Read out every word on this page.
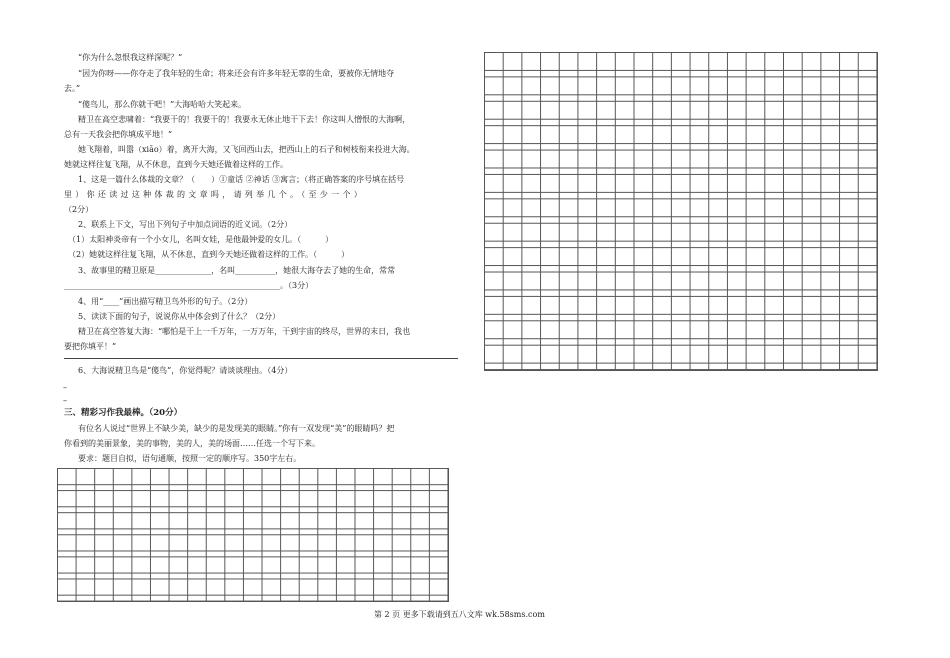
“你为什么忽恨我这样深呢？”
“因为你呀——你夺走了我年轻的生命；将来还会有许多年轻无辜的生命，要被你无情地夺
去。”
“傻鸟儿，那么你就干吧！”大海哈哈大笑起来。
精卫在高空悲啸着：“我要干的！我要干的！我要永无休止地干下去！你这叫人憎恨的大海啊，
总有一天我会把你填成平地！”
她飞翔着，叫嚣（xiāo）着，离开大海，又飞回西山去，把西山上的石子和树枝衔来投进大海。
她就这样往复飞翔，从不休息，直到今天她还做着这样的工作。
1、这是一篇什么体裁的文章？（　　）①童话 ②神话 ③寓言；（将正确答案的序号填在括号
里）你还读过这种体裁的文章吗，请列举几个。（至少一个）
（2分）
2、联系上下文，写出下列句子中加点词语的近义词。（2分）
（1）太阳神炎帝有一个小女儿，名叫女娃，是他最钟爱的女儿。（　　　）
（2）她就这样往复飞翔，从不休息，直到今天她还做着这样的工作。（　　　）
3、故事里的精卫原是______________，名叫__________，她很大海夺去了她的生命，常常
______________________________________________________。（3分）
4、用“____”画出描写精卫鸟外形的句子。（2分）
5、读读下面的句子，说说你从中体会到了什么？（2分）
精卫在高空答复大海：“哪怕是干上一千万年，一万万年，干到宇宙的终尽，世界的末日，我也
要把你填平！”
6、大海说精卫鸟是“傻鸟”，你觉得呢？请谈谈理由。（4分）
–
–
三、精彩习作我最棒。（20分）
有位名人说过“世界上不缺少美，缺少的是发现美的眼睛。”你有一双发现“美”的眼睛吗？把
你看到的美丽景象，美的事物，美的人，美的场面……任选一个写下来。
要求：题目自拟，语句通顺，按照一定的顺序写。350字左右。
第 2 页 更多下载请到五八文库 wk.58sms.com
